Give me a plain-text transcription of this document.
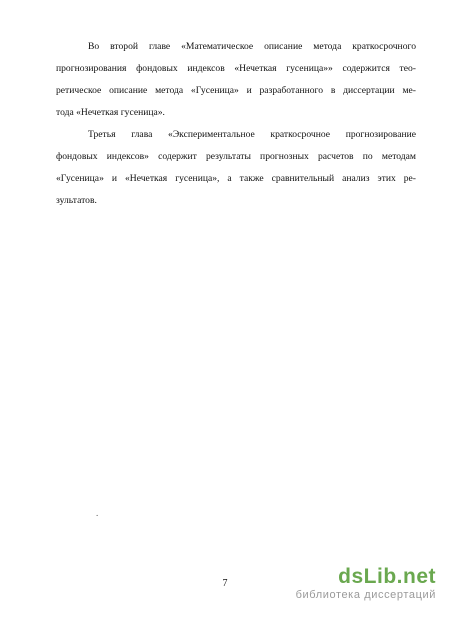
Во второй главе «Математическое описание метода краткосрочного
прогнозирования фондовых индексов «Нечеткая гусеница»» содержится тео-
ретическое описание метода «Гусеница» и разработанного в диссертации ме-
тода «Нечеткая гусеница».
Третья глава «Экспериментальное краткосрочное прогнозирование
фондовых индексов» содержит результаты прогнозных расчетов по методам
«Гусеница» и «Нечеткая гусеница», а также сравнительный анализ этих ре-
зультатов.
.
7	dsLib.net
библиотека диссертаций
